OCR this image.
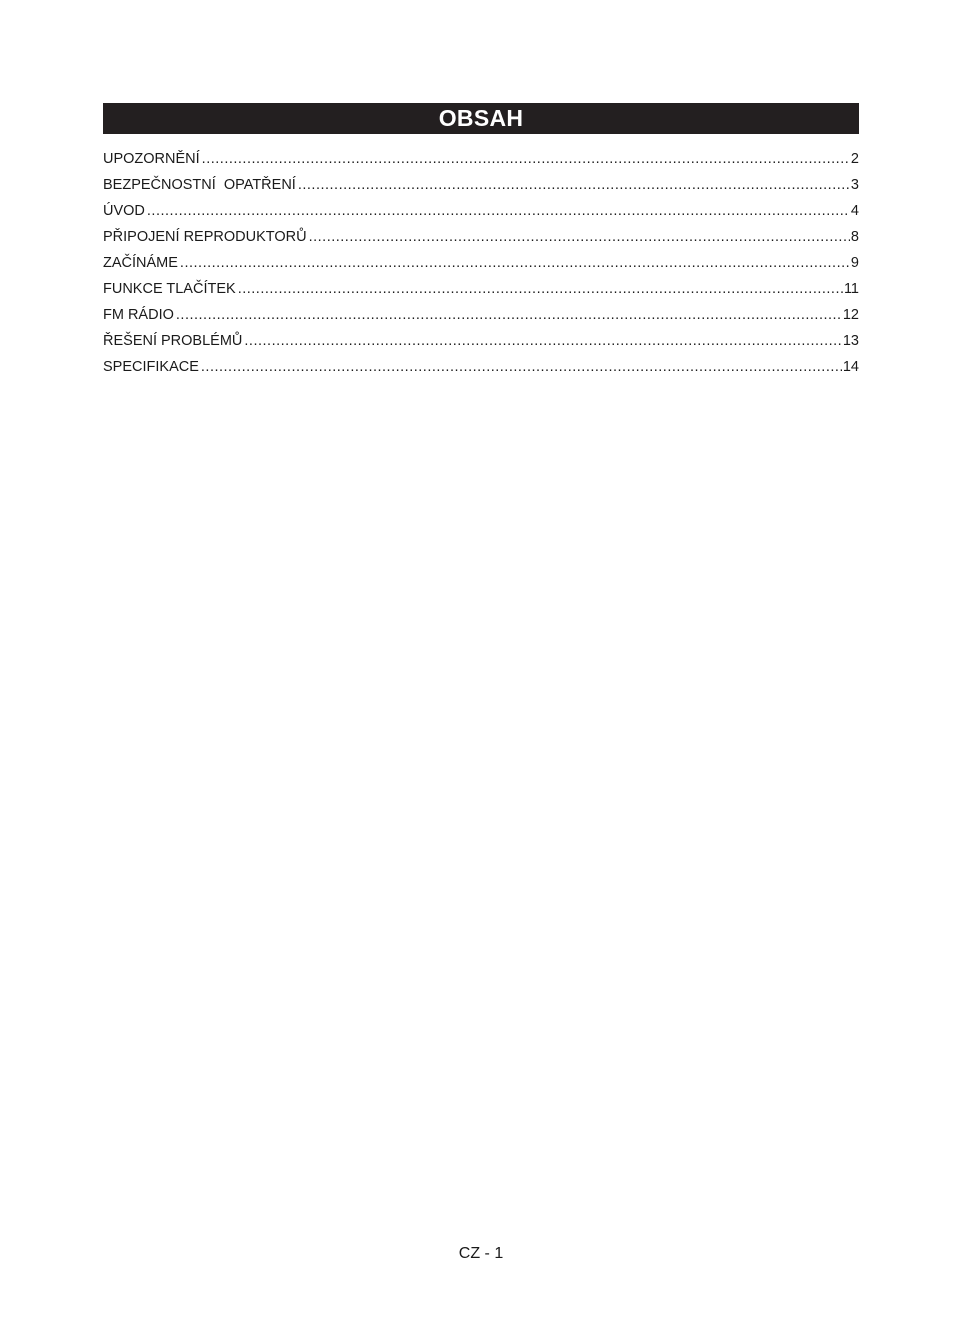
OBSAH
UPOZORNĚNÍ .....	2
BEZPEČNOSTNÍ  OPATŘENÍ .....	3
ÚVOD .....	4
PŘIPOJENÍ REPRODUKTORŮ .....	8
ZAČÍNÁME .....	9
FUNKCE TLAČÍTEK .....	11
FM RÁDIO .....	12
ŘEŠENÍ PROBLÉMŮ .....	13
SPECIFIKACE .....	14
CZ - 1
